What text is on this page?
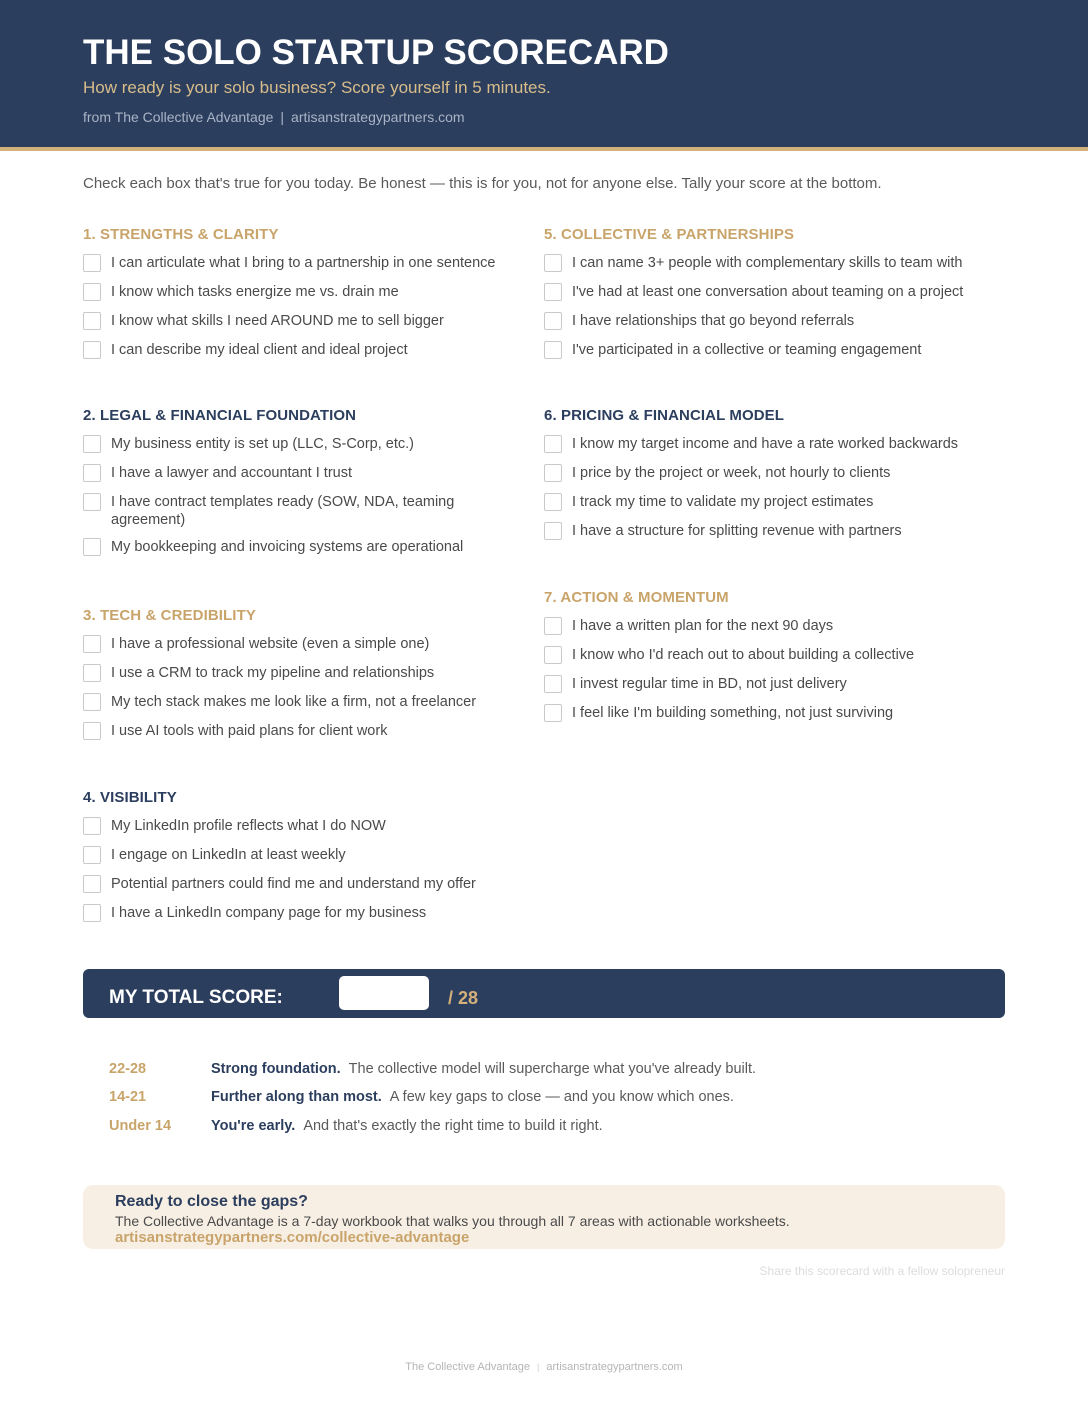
THE SOLO STARTUP SCORECARD
How ready is your solo business? Score yourself in 5 minutes.
from The Collective Advantage | artisanstrategypartners.com
Check each box that's true for you today. Be honest — this is for you, not for anyone else. Tally your score at the bottom.
1. STRENGTHS & CLARITY
I can articulate what I bring to a partnership in one sentence
I know which tasks energize me vs. drain me
I know what skills I need AROUND me to sell bigger
I can describe my ideal client and ideal project
2. LEGAL & FINANCIAL FOUNDATION
My business entity is set up (LLC, S-Corp, etc.)
I have a lawyer and accountant I trust
I have contract templates ready (SOW, NDA, teaming agreement)
My bookkeeping and invoicing systems are operational
3. TECH & CREDIBILITY
I have a professional website (even a simple one)
I use a CRM to track my pipeline and relationships
My tech stack makes me look like a firm, not a freelancer
I use AI tools with paid plans for client work
4. VISIBILITY
My LinkedIn profile reflects what I do NOW
I engage on LinkedIn at least weekly
Potential partners could find me and understand my offer
I have a LinkedIn company page for my business
5. COLLECTIVE & PARTNERSHIPS
I can name 3+ people with complementary skills to team with
I've had at least one conversation about teaming on a project
I have relationships that go beyond referrals
I've participated in a collective or teaming engagement
6. PRICING & FINANCIAL MODEL
I know my target income and have a rate worked backwards
I price by the project or week, not hourly to clients
I track my time to validate my project estimates
I have a structure for splitting revenue with partners
7. ACTION & MOMENTUM
I have a written plan for the next 90 days
I know who I'd reach out to about building a collective
I invest regular time in BD, not just delivery
I feel like I'm building something, not just surviving
MY TOTAL SCORE:	/ 28
22-28	Strong foundation. The collective model will supercharge what you've already built.
14-21	Further along than most. A few key gaps to close — and you know which ones.
Under 14	You're early. And that's exactly the right time to build it right.
Ready to close the gaps?
The Collective Advantage is a 7-day workbook that walks you through all 7 areas with actionable worksheets.
artisanstrategypartners.com/collective-advantage
Share this scorecard with a fellow solopreneur
The Collective Advantage | artisanstrategypartners.com
